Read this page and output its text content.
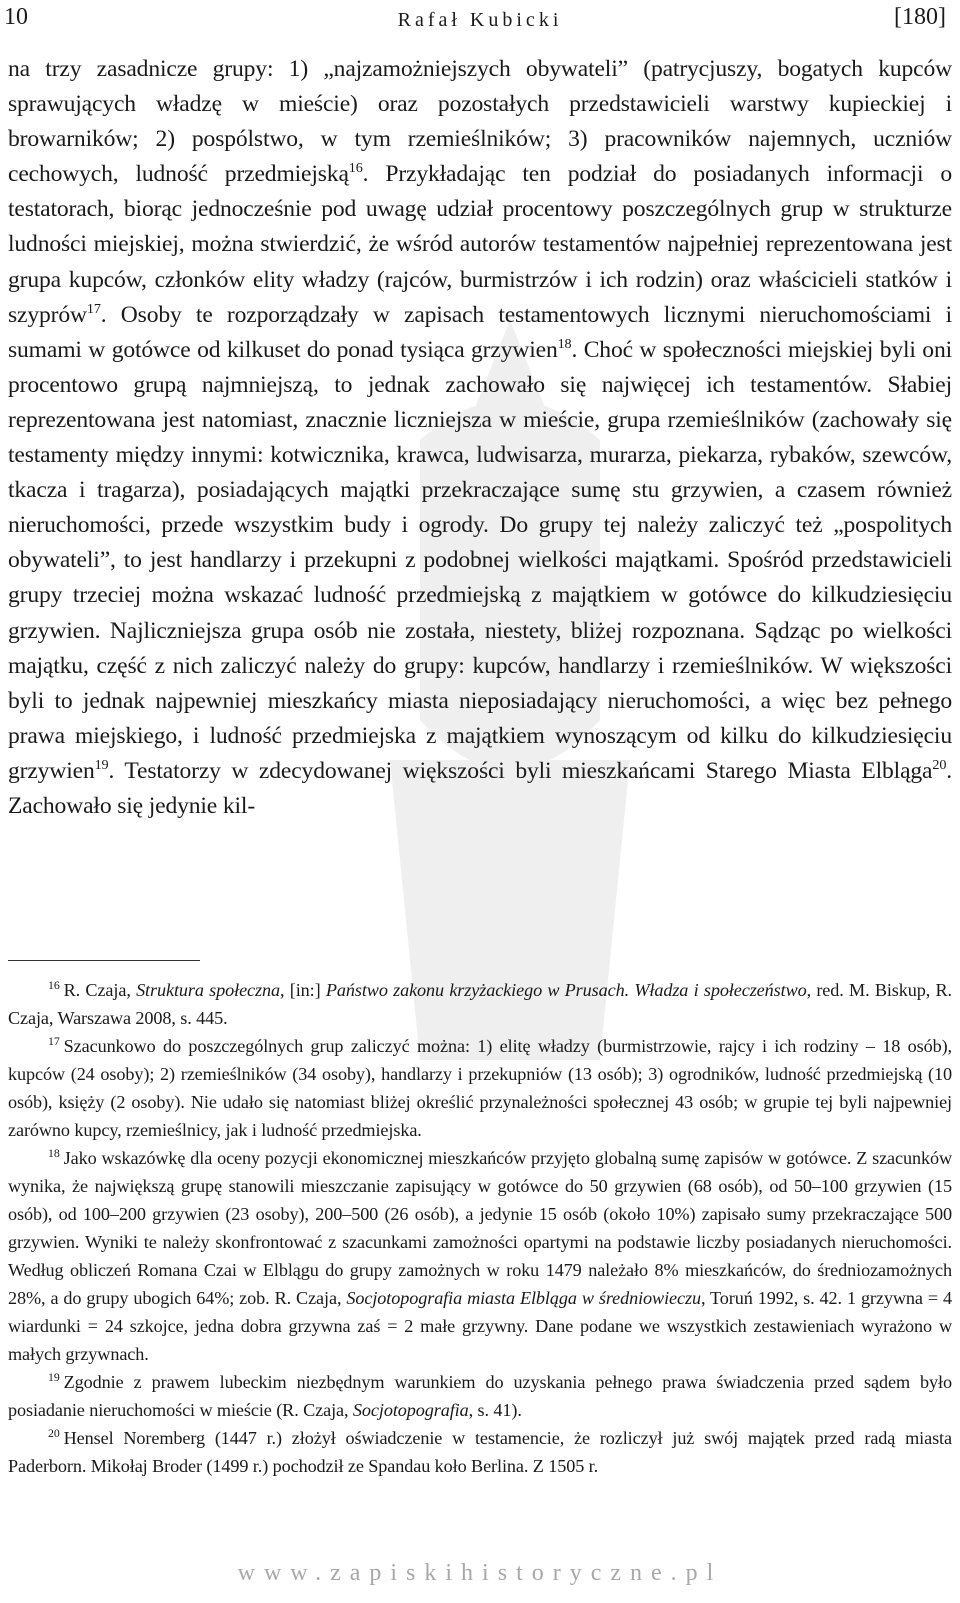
10	Rafał Kubicki	[180]

na trzy zasadnicze grupy: 1) „najzamożniejszych obywateli” (patrycjuszy, bogatych kupców sprawujących władzę w mieście) oraz pozostałych przedstawicieli warstwy kupieckiej i browarników; 2) pospólstwo, w tym rzemieślników; 3) pracowników najemnych, uczniów cechowych, ludność przedmiejską$^{16}$. Przykładając ten podział do posiadanych informacji o testatorach, biorąc jednocześnie pod uwagę udział procentowy poszczególnych grup w strukturze ludności miejskiej, można stwierdzić, że wśród autorów testamentów najpełniej reprezentowana jest grupa kupców, członków elity władzy (rajców, burmistrzów i ich rodzin) oraz właścicieli statków i szyprów$^{17}$. Osoby te rozporządzały w zapisach testamentowych licznymi nieruchomościami i sumami w gotówce od kilkuset do ponad tysiąca grzywien$^{18}$. Choć w społeczności miejskiej byli oni procentowo grupą najmniejszą, to jednak zachowało się najwięcej ich testamentów. Słabiej reprezentowana jest natomiast, znacznie liczniejsza w mieście, grupa rzemieślników (zachowały się testamenty między innymi: kotwicznika, krawca, ludwisarza, murarza, piekarza, rybaków, szewców, tkacza i tragarza), posiadających majątki przekraczające sumę stu grzywien, a czasem również nieruchomości, przede wszystkim budy i ogrody. Do grupy tej należy zaliczyć też „pospolitych obywateli”, to jest handlarzy i przekupni z podobnej wielkości majątkami. Spośród przedstawicieli grupy trzeciej można wskazać ludność przedmiejską z majątkiem w gotówce do kilkudziesięciu grzywien. Najliczniejsza grupa osób nie została, niestety, bliżej rozpoznana. Sądząc po wielkości majątku, część z nich zaliczyć należy do grupy: kupców, handlarzy i rzemieślników. W większości byli to jednak najpewniej mieszkańcy miasta nieposiadający nieruchomości, a więc bez pełnego prawa miejskiego, i ludność przedmiejska z majątkiem wynoszącym od kilku do kilkudziesięciu grzywien$^{19}$. Testatorzy w zdecydowanej większości byli mieszkańcami Starego Miasta Elbląga$^{20}$. Zachowało się jedynie kil-

$^{16}$ R. Czaja, Struktura społeczna, [in:] Państwo zakonu krzyżackiego w Prusach. Władza i społeczeństwo, red. M. Biskup, R. Czaja, Warszawa 2008, s. 445.

$^{17}$ Szacunkowo do poszczególnych grup zaliczyć można: 1) elitę władzy (burmistrzowie, rajcy i ich rodziny – 18 osób), kupców (24 osoby); 2) rzemieślników (34 osoby), handlarzy i przekupniów (13 osób); 3) ogrodników, ludność przedmiejską (10 osób), księży (2 osoby). Nie udało się natomiast bliżej określić przynależności społecznej 43 osób; w grupie tej byli najpewniej zarówno kupcy, rzemieślnicy, jak i ludność przedmiejska.

$^{18}$ Jako wskazówkę dla oceny pozycji ekonomicznej mieszkańców przyjęto globalną sumę zapisów w gotówce. Z szacunków wynika, że największą grupę stanowili mieszczanie zapisujący w gotówce do 50 grzywien (68 osób), od 50–100 grzywien (15 osób), od 100–200 grzywien (23 osoby), 200–500 (26 osób), a jedynie 15 osób (około 10%) zapisało sumy przekraczające 500 grzywien. Wyniki te należy skonfrontować z szacunkami zamożności opartymi na podstawie liczby posiadanych nieruchomości. Według obliczeń Romana Czai w Elblągu do grupy zamożnych w roku 1479 należało 8% mieszkańców, do średniozamożnych 28%, a do grupy ubogich 64%; zob. R. Czaja, Socjotopografia miasta Elbląga w średniowieczu, Toruń 1992, s. 42. 1 grzywna = 4 wiardunki = 24 szkojce, jedna dobra grzywna zaś = 2 małe grzywny. Dane podane we wszystkich zestawieniach wyrażono w małych grzywnach.

$^{19}$ Zgodnie z prawem lubeckim niezbędnym warunkiem do uzyskania pełnego prawa świadczenia przed sądem było posiadanie nieruchomości w mieście (R. Czaja, Socjotopografia, s. 41).

$^{20}$ Hensel Noremberg (1447 r.) złożył oświadczenie w testamencie, że rozliczył już swój majątek przed radą miasta Paderborn. Mikołaj Broder (1499 r.) pochodził ze Spandau koło Berlina. Z 1505 r.

www.zapiskihistoryczne.pl
